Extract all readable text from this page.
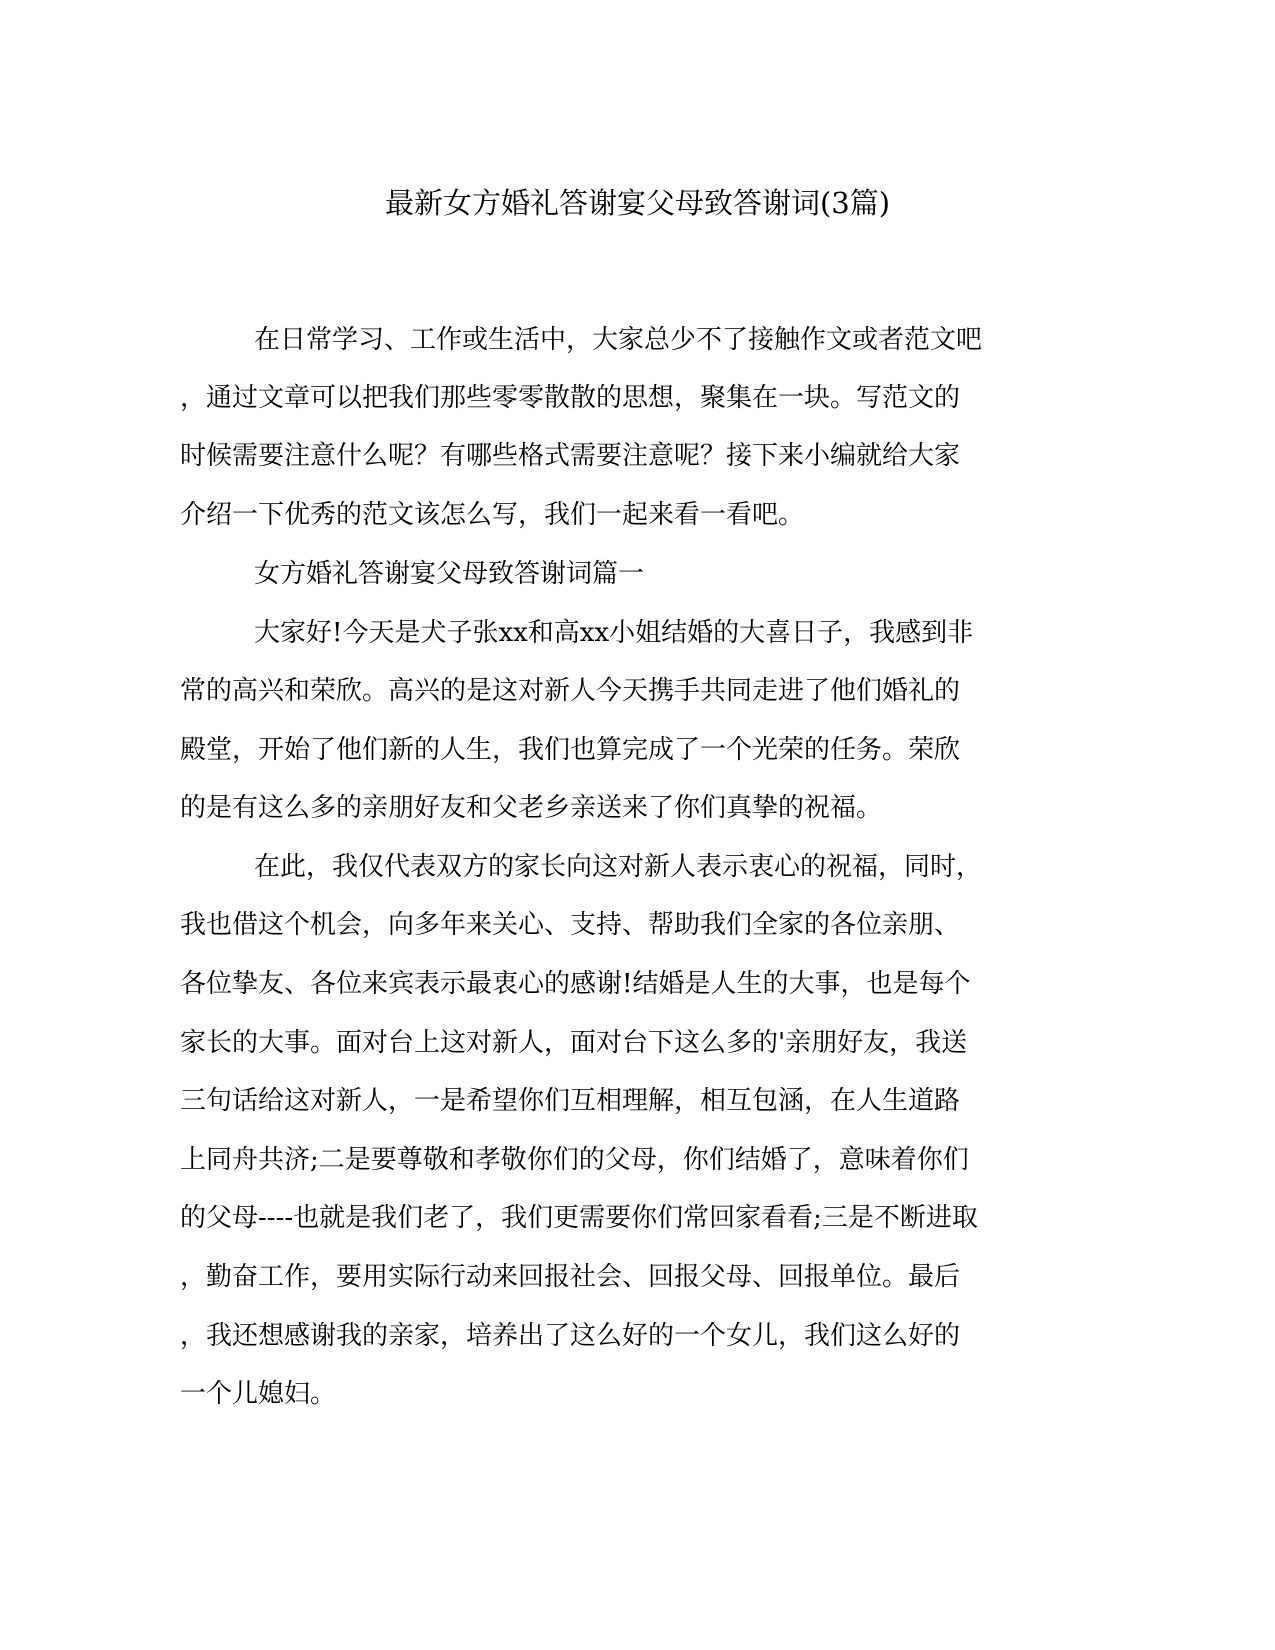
最新女方婚礼答谢宴父母致答谢词(3篇)

在日常学习、工作或生活中，大家总少不了接触作文或者范文吧

，通过文章可以把我们那些零零散散的思想，聚集在一块。写范文的

时候需要注意什么呢？有哪些格式需要注意呢？接下来小编就给大家

介绍一下优秀的范文该怎么写，我们一起来看一看吧。

女方婚礼答谢宴父母致答谢词篇一

大家好!今天是犬子张xx和高xx小姐结婚的大喜日子，我感到非

常的高兴和荣欣。高兴的是这对新人今天携手共同走进了他们婚礼的

殿堂，开始了他们新的人生，我们也算完成了一个光荣的任务。荣欣

的是有这么多的亲朋好友和父老乡亲送来了你们真挚的祝福。

在此，我仅代表双方的家长向这对新人表示衷心的祝福，同时，

我也借这个机会，向多年来关心、支持、帮助我们全家的各位亲朋、

各位挚友、各位来宾表示最衷心的感谢!结婚是人生的大事，也是每个

家长的大事。面对台上这对新人，面对台下这么多的'亲朋好友，我送

三句话给这对新人，一是希望你们互相理解，相互包涵，在人生道路

上同舟共济;二是要尊敬和孝敬你们的父母，你们结婚了，意味着你们

的父母----也就是我们老了，我们更需要你们常回家看看;三是不断进取

，勤奋工作，要用实际行动来回报社会、回报父母、回报单位。最后

，我还想感谢我的亲家，培养出了这么好的一个女儿，我们这么好的

一个儿媳妇。
